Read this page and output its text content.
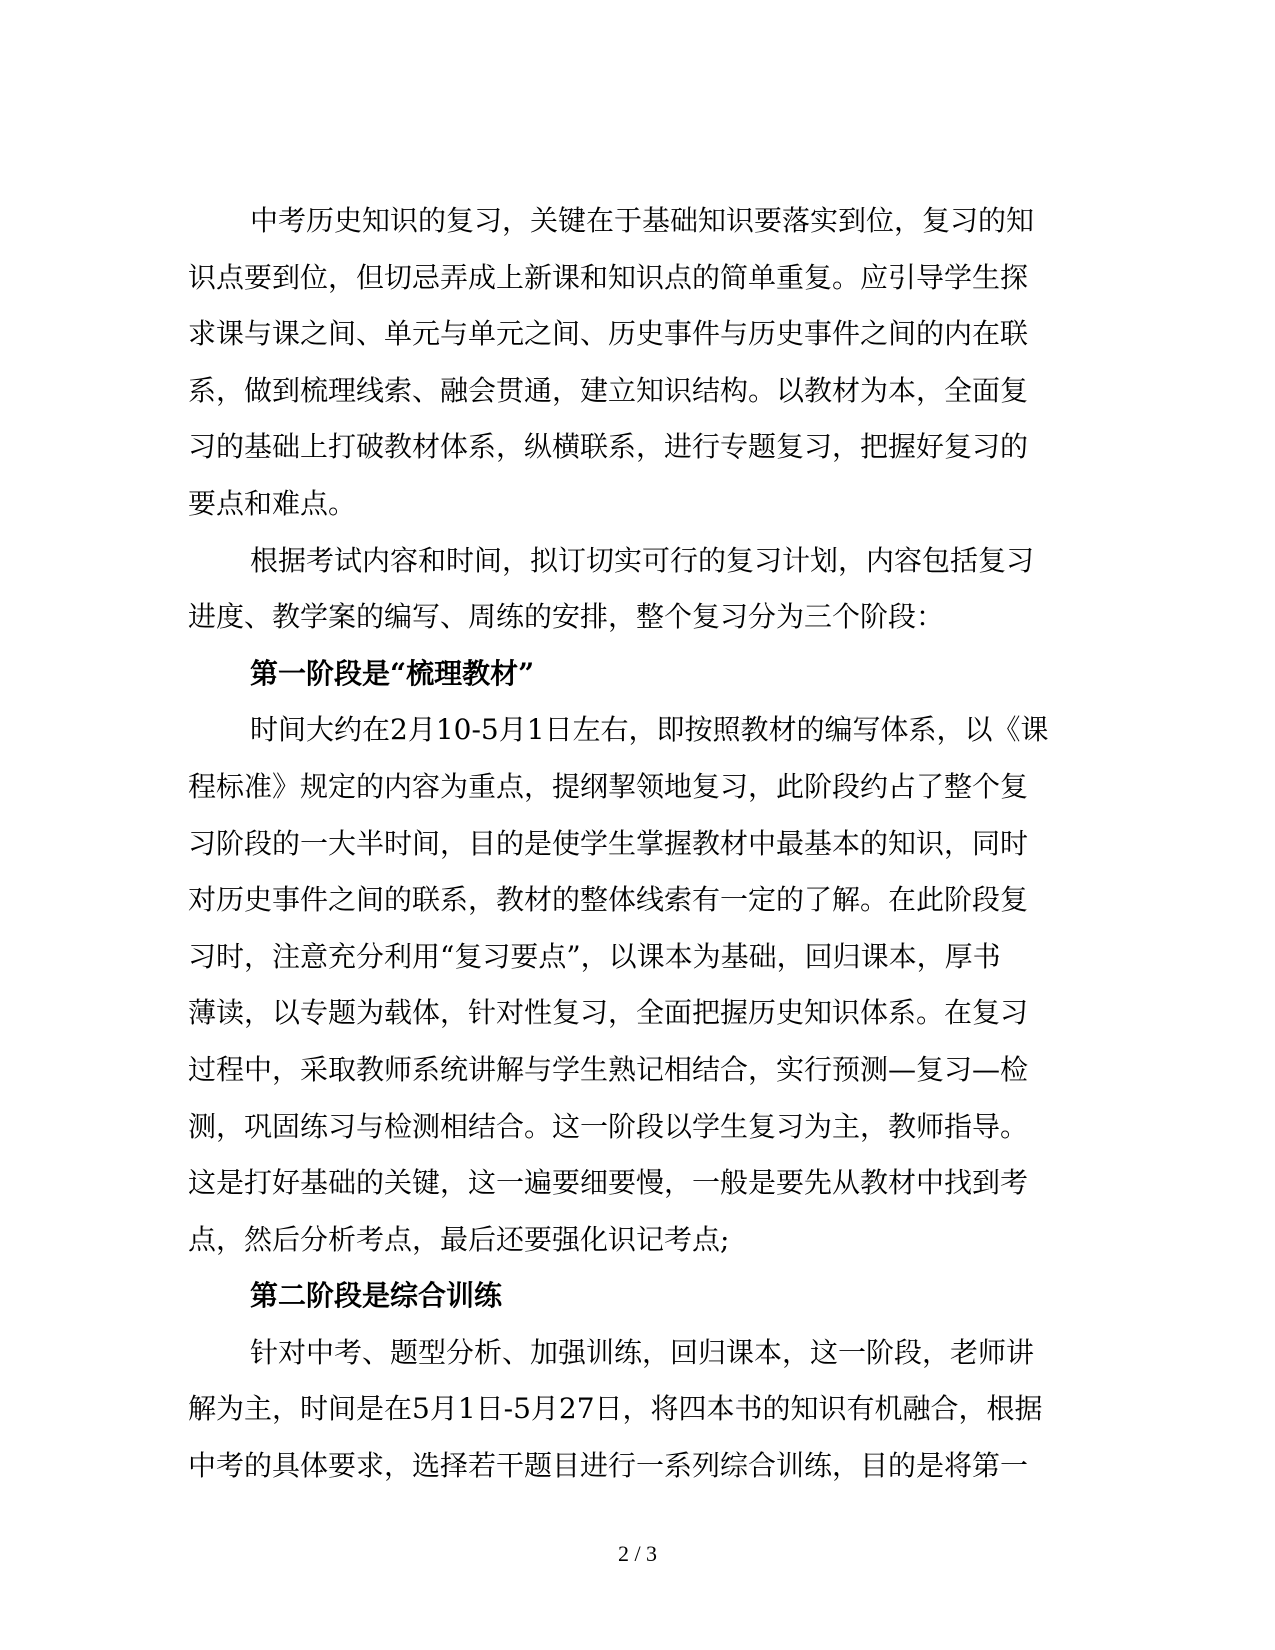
中考历史知识的复习，关键在于基础知识要落实到位，复习的知
识点要到位，但切忌弄成上新课和知识点的简单重复。应引导学生探
求课与课之间、单元与单元之间、历史事件与历史事件之间的内在联
系，做到梳理线索、融会贯通，建立知识结构。以教材为本，全面复
习的基础上打破教材体系，纵横联系，进行专题复习，把握好复习的
要点和难点。
根据考试内容和时间，拟订切实可行的复习计划，内容包括复习
进度、教学案的编写、周练的安排，整个复习分为三个阶段：
第一阶段是“梳理教材”
时间大约在2月10-5月1日左右，即按照教材的编写体系，以《课
程标准》规定的内容为重点，提纲挈领地复习，此阶段约占了整个复
习阶段的一大半时间，目的是使学生掌握教材中最基本的知识，同时
对历史事件之间的联系，教材的整体线索有一定的了解。在此阶段复
习时，注意充分利用“复习要点”，以课本为基础，回归课本，厚书
薄读，以专题为载体，针对性复习，全面把握历史知识体系。在复习
过程中，采取教师系统讲解与学生熟记相结合，实行预测—复习—检
测，巩固练习与检测相结合。这一阶段以学生复习为主，教师指导。
这是打好基础的关键，这一遍要细要慢，一般是要先从教材中找到考
点，然后分析考点，最后还要强化识记考点;
第二阶段是综合训练
针对中考、题型分析、加强训练，回归课本，这一阶段，老师讲
解为主，时间是在5月1日-5月27日，将四本书的知识有机融合，根据
中考的具体要求，选择若干题目进行一系列综合训练，目的是将第一
2 / 3
